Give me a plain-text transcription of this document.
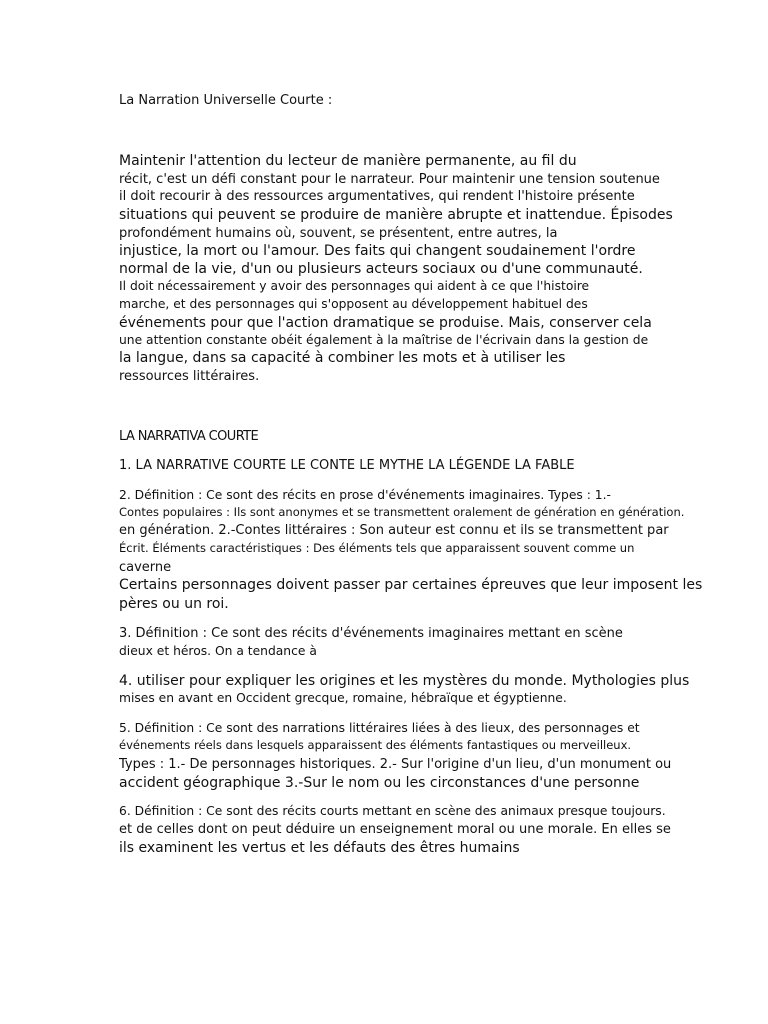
La Narration Universelle Courte :
Maintenir l'attention du lecteur de manière permanente, au fil du
récit, c'est un défi constant pour le narrateur. Pour maintenir une tension soutenue
il doit recourir à des ressources argumentatives, qui rendent l'histoire présente
situations qui peuvent se produire de manière abrupte et inattendue. Épisodes
profondément humains où, souvent, se présentent, entre autres, la
injustice, la mort ou l'amour. Des faits qui changent soudainement l'ordre
normal de la vie, d'un ou plusieurs acteurs sociaux ou d'une communauté.
Il doit nécessairement y avoir des personnages qui aident à ce que l'histoire
marche, et des personnages qui s'opposent au développement habituel des
événements pour que l'action dramatique se produise. Mais, conserver cela
une attention constante obéit également à la maîtrise de l'écrivain dans la gestion de
la langue, dans sa capacité à combiner les mots et à utiliser les
ressources littéraires.
LA NARRATIVA COURTE
1. LA NARRATIVE COURTE LE CONTE LE MYTHE LA LÉGENDE LA FABLE
2. Définition : Ce sont des récits en prose d'événements imaginaires. Types : 1.-
Contes populaires : Ils sont anonymes et se transmettent oralement de génération en génération.
en génération. 2.-Contes littéraires : Son auteur est connu et ils se transmettent par
Écrit. Éléments caractéristiques : Des éléments tels que apparaissent souvent comme un
caverne
Certains personnages doivent passer par certaines épreuves que leur imposent les
pères ou un roi.
3. Définition : Ce sont des récits d'événements imaginaires mettant en scène
dieux et héros. On a tendance à
4. utiliser pour expliquer les origines et les mystères du monde. Mythologies plus
mises en avant en Occident grecque, romaine, hébraïque et égyptienne.
5. Définition : Ce sont des narrations littéraires liées à des lieux, des personnages et
événements réels dans lesquels apparaissent des éléments fantastiques ou merveilleux.
Types : 1.- De personnages historiques. 2.- Sur l'origine d'un lieu, d'un monument ou
accident géographique 3.-Sur le nom ou les circonstances d'une personne
6. Définition : Ce sont des récits courts mettant en scène des animaux presque toujours.
et de celles dont on peut déduire un enseignement moral ou une morale. En elles se
ils examinent les vertus et les défauts des êtres humains
